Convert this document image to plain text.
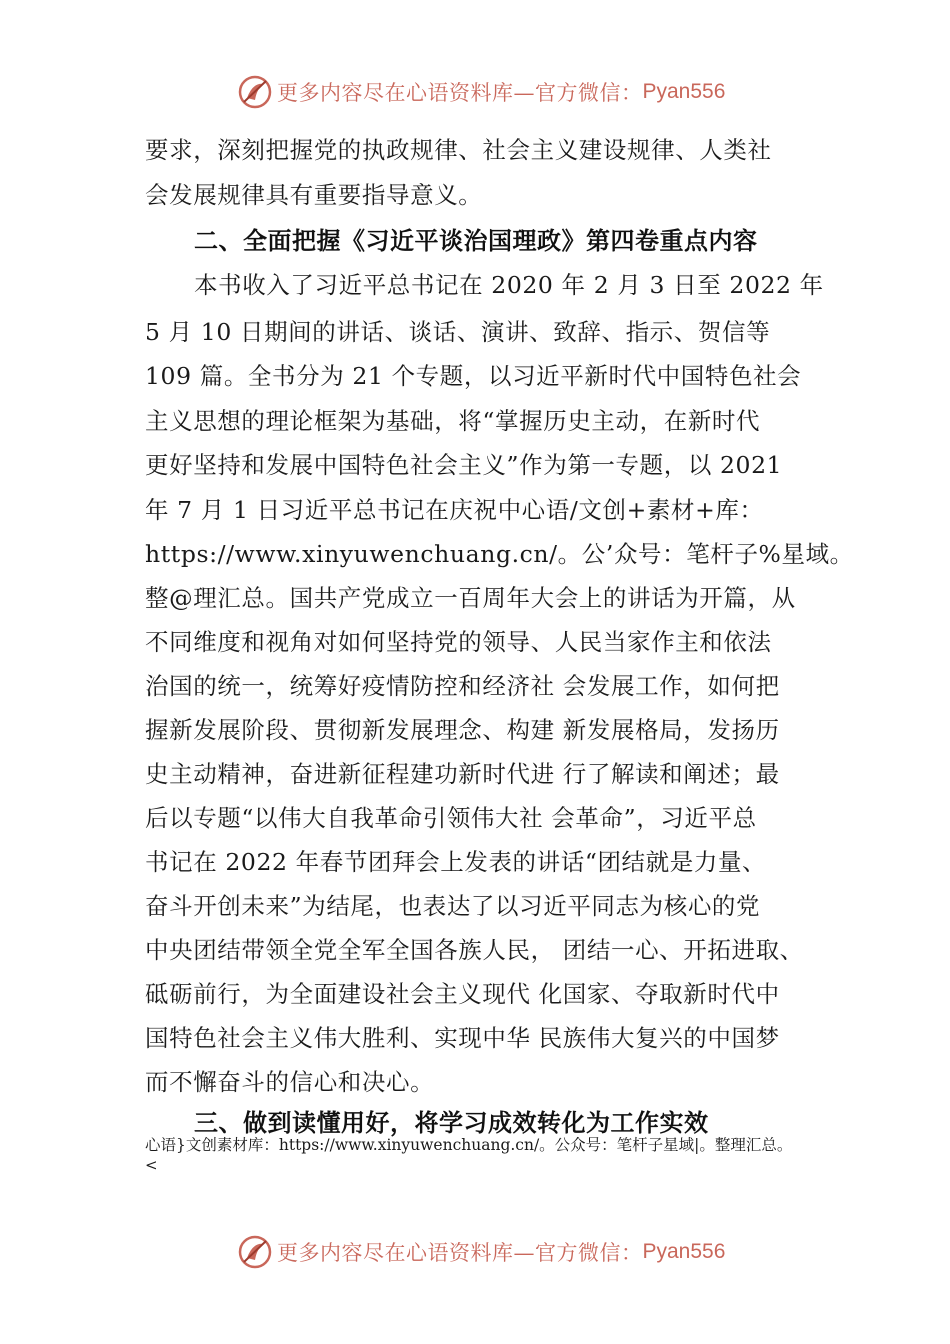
更多内容尽在心语资料库—官方微信： Pyan556
要求，深刻把握党的执政规律、社会主义建设规律、人类社
会发展规律具有重要指导意义。
二、全面把握《习近平谈治国理政》第四卷重点内容
本书收入了习近平总书记在 2020 年 2 月 3 日至 2022 年
5 月 10 日期间的讲话、谈话、演讲、致辞、指示、贺信等
109 篇。全书分为 21 个专题，以习近平新时代中国特色社会
主义思想的理论框架为基础，将“掌握历史主动，在新时代
更好坚持和发展中国特色社会主义”作为第一专题，以 2021
年 7 月 1 日习近平总书记在庆祝中心语/文创+素材+库：
https://www.xinyuwenchuang.cn/。公’众号：笔杆子%星域。
整@理汇总。国共产党成立一百周年大会上的讲话为开篇，从
不同维度和视角对如何坚持党的领导、人民当家作主和依法
治国的统一，统筹好疫情防控和经济社 会发展工作，如何把
握新发展阶段、贯彻新发展理念、构建 新发展格局，发扬历
史主动精神，奋进新征程建功新时代进 行了解读和阐述；最
后以专题“以伟大自我革命引领伟大社 会革命”，习近平总
书记在 2022 年春节团拜会上发表的讲话“团结就是力量、
奋斗开创未来”为结尾，也表达了以习近平同志为核心的党
中央团结带领全党全军全国各族人民， 团结一心、开拓进取、
砥砺前行，为全面建设社会主义现代 化国家、夺取新时代中
国特色社会主义伟大胜利、实现中华 民族伟大复兴的中国梦
而不懈奋斗的信心和决心。
三、做到读懂用好，将学习成效转化为工作实效
心语}文创素材库：https://www.xinyuwenchuang.cn/。公众号：笔杆子星域|。整理汇总。
<
更多内容尽在心语资料库—官方微信： Pyan556
